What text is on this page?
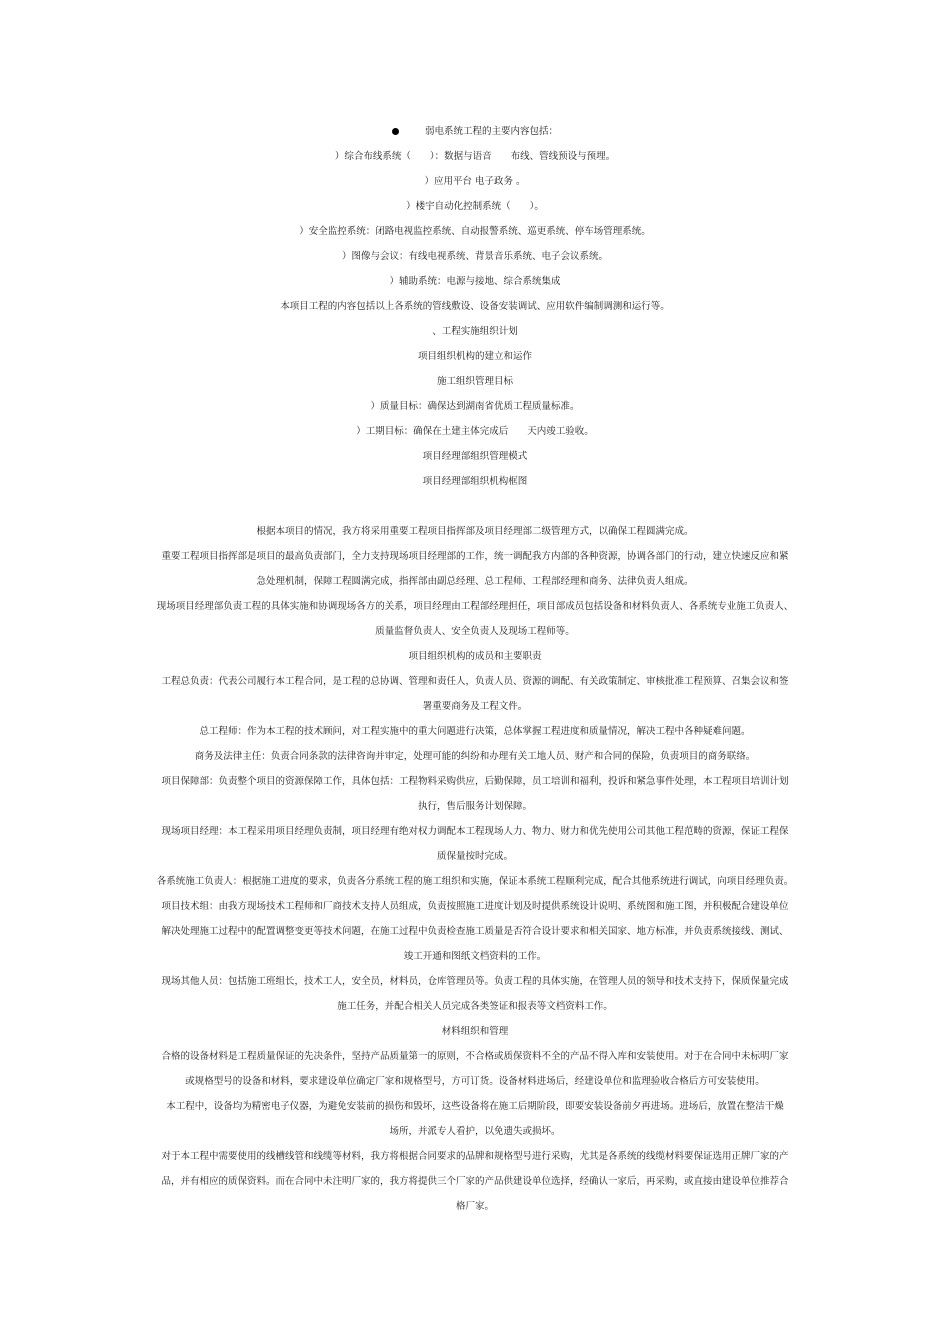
弱电系统工程的主要内容包括：
）综合布线系统（　　）：数据与语音　　布线、管线预设与预埋。
）应用平台 电子政务 。
）楼宇自动化控制系统（　　）。
）安全监控系统：闭路电视监控系统、自动报警系统、巡更系统、停车场管理系统。
）图像与会议：有线电视系统、背景音乐系统、电子会议系统。
）辅助系统：电源与接地、综合系统集成
本项目工程的内容包括以上各系统的管线敷设、设备安装调试、应用软件编制调测和运行等。
、工程实施组织计划
项目组织机构的建立和运作
施工组织管理目标
）质量目标：确保达到湖南省优质工程质量标准。
）工期目标：确保在土建主体完成后　　天内竣工验收。
项目经理部组织管理模式
项目经理部组织机构框图
根据本项目的情况，我方将采用重要工程项目指挥部及项目经理部二级管理方式，以确保工程圆满完成。
重要工程项目指挥部是项目的最高负责部门，全力支持现场项目经理部的工作，统一调配我方内部的各种资源，协调各部门的行动，建立快速反应和紧
急处理机制，保障工程圆满完成，指挥部由副总经理、总工程师、工程部经理和商务、法律负责人组成。
现场项目经理部负责工程的具体实施和协调现场各方的关系，项目经理由工程部经理担任，项目部成员包括设备和材料负责人、各系统专业施工负责人、
质量监督负责人、安全负责人及现场工程师等。
项目组织机构的成员和主要职责
工程总负责：代表公司履行本工程合同，是工程的总协调、管理和责任人，负责人员、资源的调配、有关政策制定、审核批准工程预算、召集会议和签
署重要商务及工程文件。
总工程师：作为本工程的技术顾问，对工程实施中的重大问题进行决策，总体掌握工程进度和质量情况，解决工程中各种疑难问题。
商务及法律主任：负责合同条款的法律咨询并审定，处理可能的纠纷和办理有关工地人员、财产和合同的保险，负责项目的商务联络。
项目保障部：负责整个项目的资源保障工作，具体包括：工程物料采购供应，后勤保障，员工培训和福利，投诉和紧急事件处理，本工程项目培训计划
执行，售后服务计划保障。
现场项目经理：本工程采用项目经理负责制，项目经理有绝对权力调配本工程现场人力、物力、财力和优先使用公司其他工程范畴的资源，保证工程保
质保量按时完成。
各系统施工负责人：根据施工进度的要求，负责各分系统工程的施工组织和实施，保证本系统工程顺利完成，配合其他系统进行调试，向项目经理负责。
项目技术组：由我方现场技术工程师和厂商技术支持人员组成，负责按照施工进度计划及时提供系统设计说明、系统图和施工图，并积极配合建设单位
解决处理施工过程中的配置调整变更等技术问题，在施工过程中负责检查施工质量是否符合设计要求和相关国家、地方标准，并负责系统接线、测试、
竣工开通和图纸文档资料的工作。
现场其他人员：包括施工班组长，技术工人，安全员，材料员，仓库管理员等。负责工程的具体实施，在管理人员的领导和技术支持下，保质保量完成
施工任务，并配合相关人员完成各类签证和报表等文档资料工作。
材料组织和管理
合格的设备材料是工程质量保证的先决条件，坚持产品质量第一的原则，不合格或质保资料不全的产品不得入库和安装使用。对于在合同中未标明厂家
或规格型号的设备和材料，要求建设单位确定厂家和规格型号，方可订货。设备材料进场后，经建设单位和监理验收合格后方可安装使用。
本工程中，设备均为精密电子仪器，为避免安装前的损伤和毁坏，这些设备将在施工后期阶段，即要安装设备前夕再进场。进场后，放置在整洁干燥
场所，并派专人看护，以免遗失或损坏。
对于本工程中需要使用的线槽线管和线缆等材料，我方将根据合同要求的品牌和规格型号进行采购，尤其是各系统的线缆材料要保证选用正牌厂家的产
品，并有相应的质保资料。而在合同中未注明厂家的，我方将提供三个厂家的产品供建设单位选择，经确认一家后，再采购，或直接由建设单位推荐合
格厂家。
